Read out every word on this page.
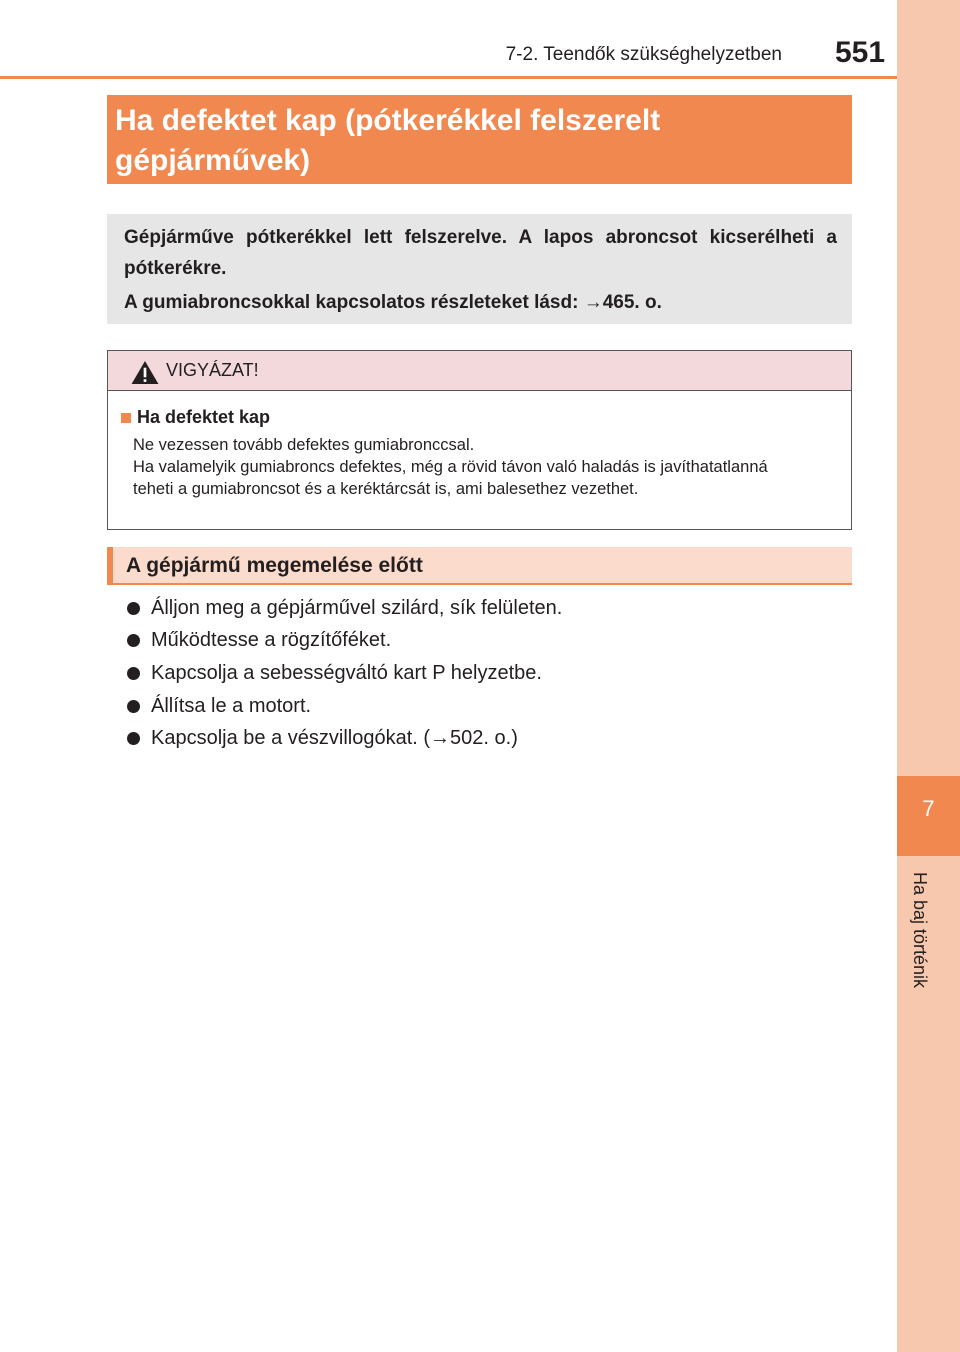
7-2. Teendők szükséghelyzetben 551
7
Ha baj történik
Ha defektet kap (pótkerékkel felszerelt
gépjárművek)

Gépjárműve pótkerékkel lett felszerelve. A lapos abroncsot kicserélheti a pótkerékre.

A gumiabroncsokkal kapcsolatos részleteket lásd: →465. o.

VIGYÁZAT!
Ha defektet kap
Ne vezessen tovább defektes gumiabronccsal.
Ha valamelyik gumiabroncs defektes, még a rövid távon való haladás is javíthatatlanná
teheti a gumiabroncsot és a keréktárcsát is, ami balesethez vezethet.
A gépjármű megemelése előtt
Álljon meg a gépjárművel szilárd, sík felületen.
Működtesse a rögzítőféket.
Kapcsolja a sebességváltó kart P helyzetbe.
Állítsa le a motort.
Kapcsolja be a vészvillogókat. (→502. o.)
